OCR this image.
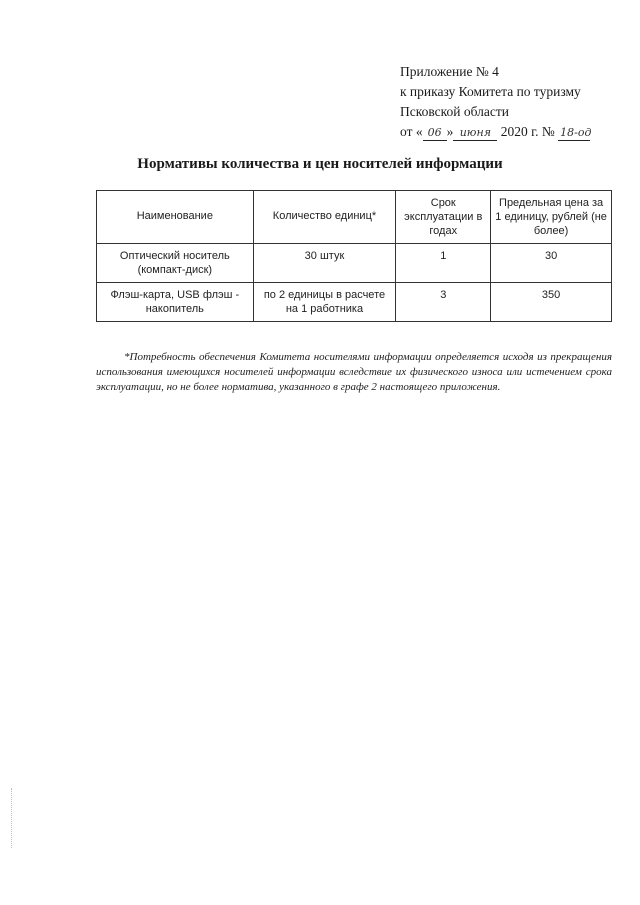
Приложение № 4
к приказу Комитета по туризму
Псковской области
от « 06 » июня 2020 г. № 18-од
Нормативы количества и цен носителей информации
Наименование	Количество единиц*	Срок эксплуатации в годах	Предельная цена за 1 единицу, рублей (не более)
Оптический носитель (компакт-диск)	30 штук	1	30
Флэш-карта, USB флэш - накопитель	по 2 единицы в расчете на 1 работника	3	350
*Потребность обеспечения Комитета носителями информации определяется исходя из прекращения использования имеющихся носителей информации вследствие их физического износа или истечением срока эксплуатации, но не более норматива, указанного в графе 2 настоящего приложения.
